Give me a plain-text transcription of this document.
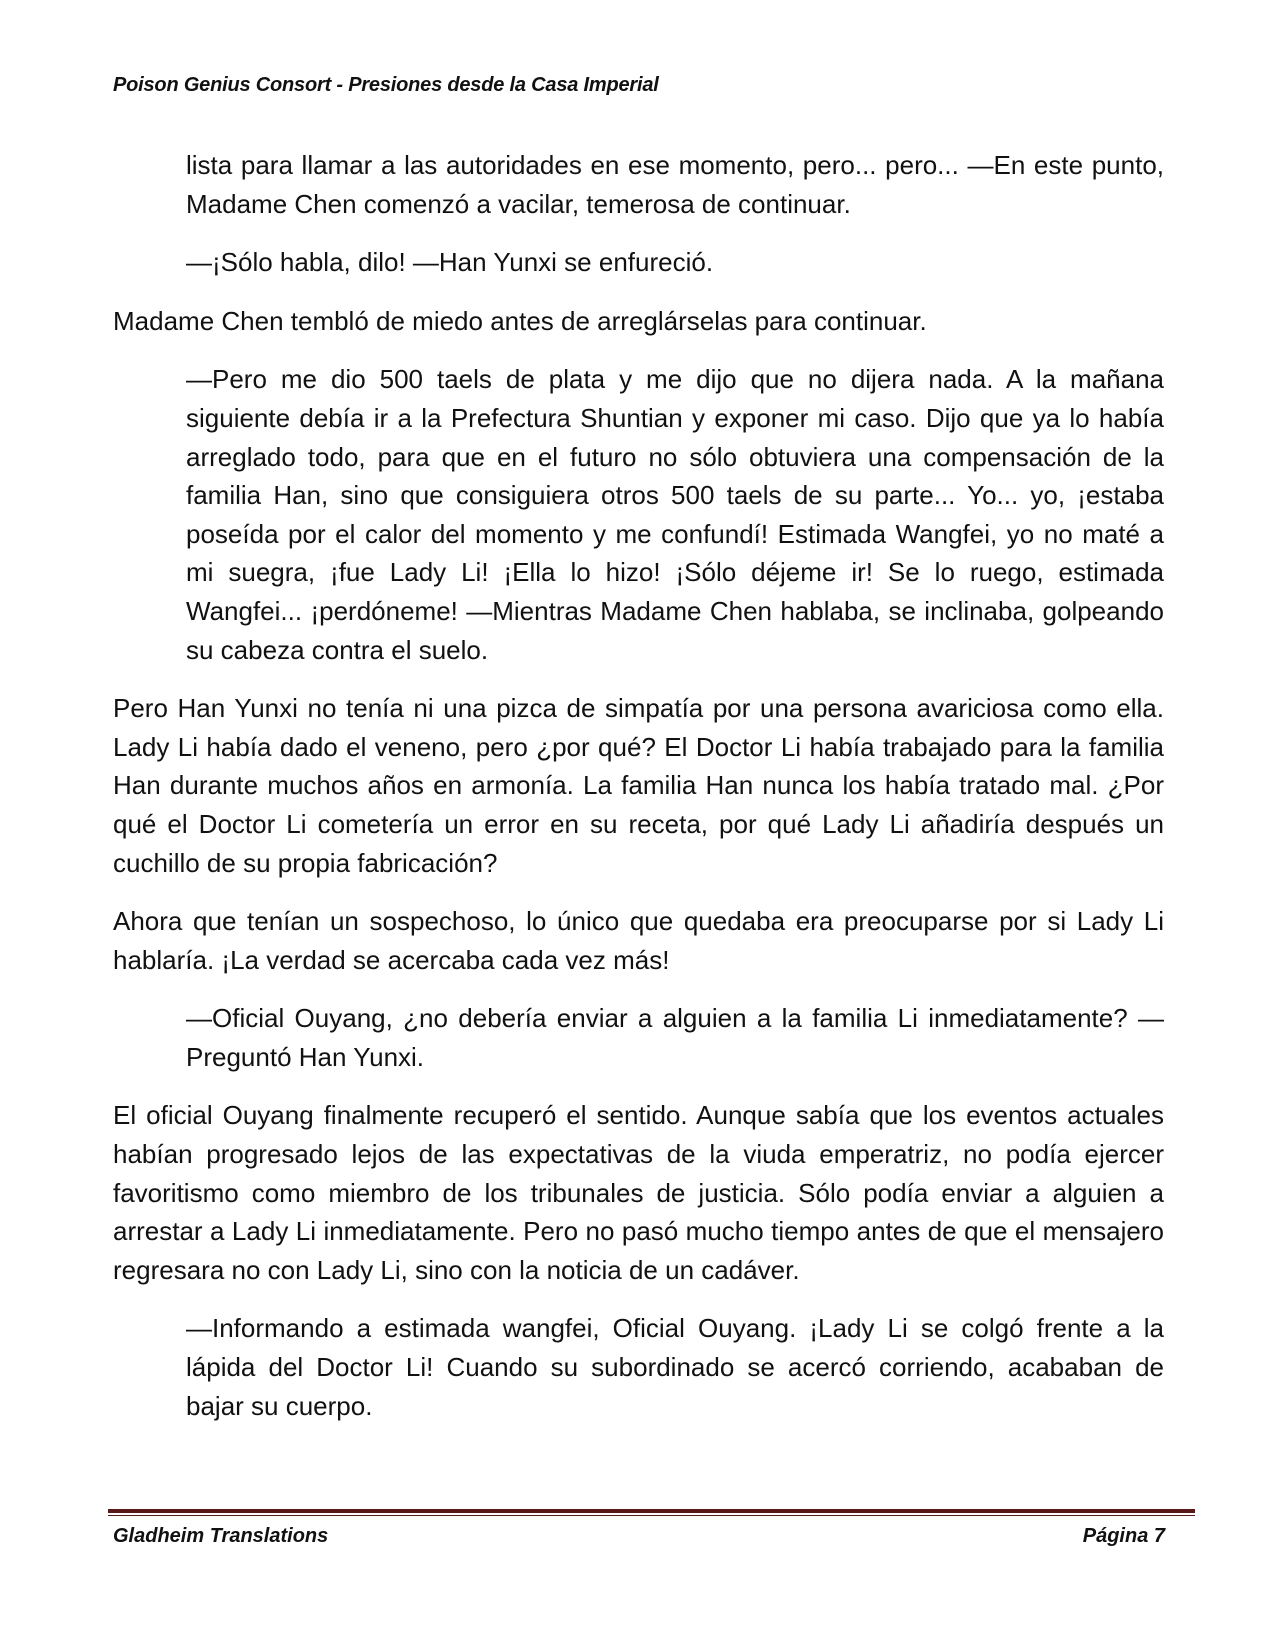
Poison Genius Consort - Presiones desde la Casa Imperial

lista para llamar a las autoridades en ese momento, pero... pero... —En este punto, Madame Chen comenzó a vacilar, temerosa de continuar.

—¡Sólo habla, dilo! —Han Yunxi se enfureció.

Madame Chen tembló de miedo antes de arreglárselas para continuar.

—Pero me dio 500 taels de plata y me dijo que no dijera nada. A la mañana siguiente debía ir a la Prefectura Shuntian y exponer mi caso. Dijo que ya lo había arreglado todo, para que en el futuro no sólo obtuviera una compensación de la familia Han, sino que consiguiera otros 500 taels de su parte... Yo... yo, ¡estaba poseída por el calor del momento y me confundí! Estimada Wangfei, yo no maté a mi suegra, ¡fue Lady Li! ¡Ella lo hizo! ¡Sólo déjeme ir! Se lo ruego, estimada Wangfei... ¡perdóneme! —Mientras Madame Chen hablaba, se inclinaba, golpeando su cabeza contra el suelo.

Pero Han Yunxi no tenía ni una pizca de simpatía por una persona avariciosa como ella. Lady Li había dado el veneno, pero ¿por qué? El Doctor Li había trabajado para la familia Han durante muchos años en armonía. La familia Han nunca los había tratado mal. ¿Por qué el Doctor Li cometería un error en su receta, por qué Lady Li añadiría después un cuchillo de su propia fabricación?

Ahora que tenían un sospechoso, lo único que quedaba era preocuparse por si Lady Li hablaría. ¡La verdad se acercaba cada vez más!

—Oficial Ouyang, ¿no debería enviar a alguien a la familia Li inmediatamente? —Preguntó Han Yunxi.

El oficial Ouyang finalmente recuperó el sentido. Aunque sabía que los eventos actuales habían progresado lejos de las expectativas de la viuda emperatriz, no podía ejercer favoritismo como miembro de los tribunales de justicia. Sólo podía enviar a alguien a arrestar a Lady Li inmediatamente. Pero no pasó mucho tiempo antes de que el mensajero regresara no con Lady Li, sino con la noticia de un cadáver.

—Informando a estimada wangfei, Oficial Ouyang. ¡Lady Li se colgó frente a la lápida del Doctor Li! Cuando su subordinado se acercó corriendo, acababan de bajar su cuerpo.

Gladheim Translations	Página 7
